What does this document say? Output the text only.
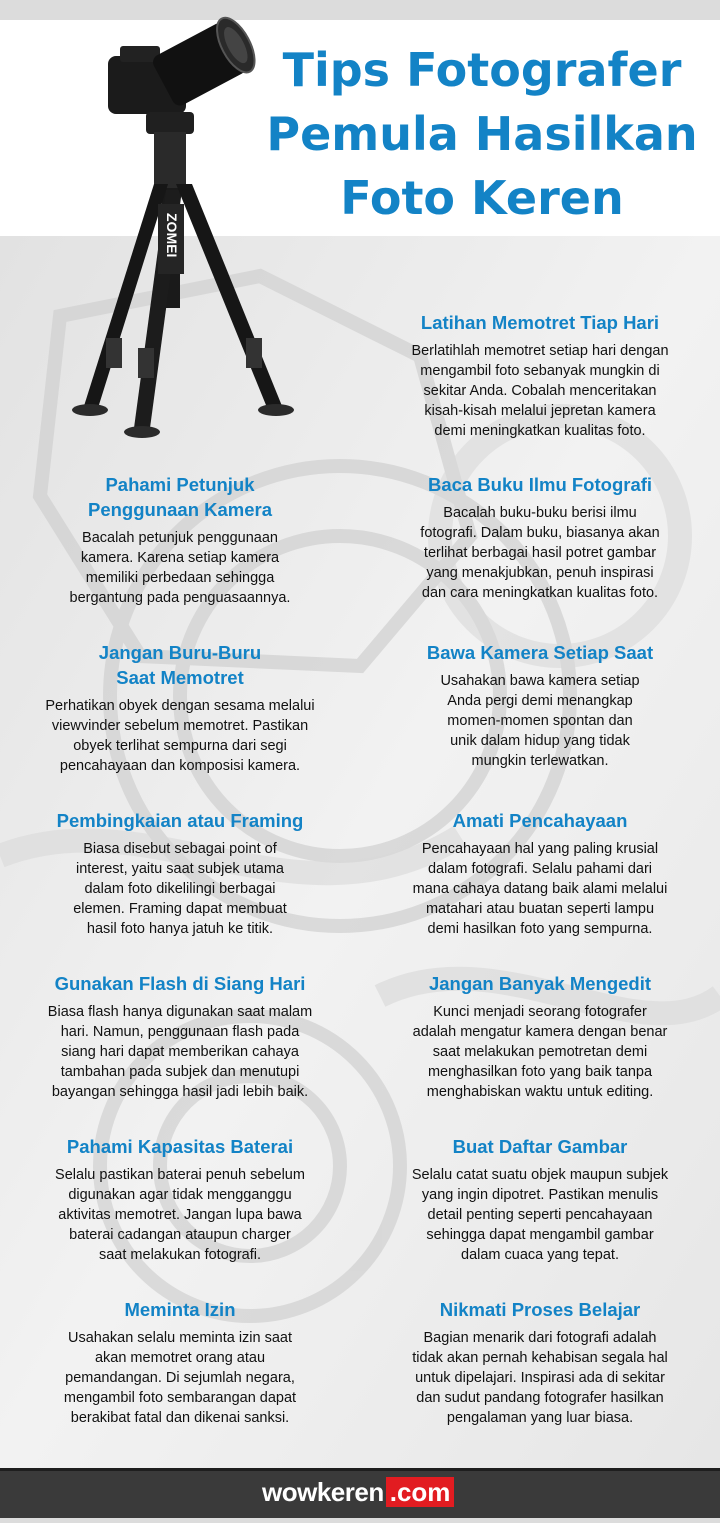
ZOMEI
Tips Fotografer
Pemula Hasilkan
Foto Keren
Latihan Memotret Tiap Hari

Berlatihlah memotret setiap hari dengan
mengambil foto sebanyak mungkin di
sekitar Anda. Cobalah menceritakan
kisah-kisah melalui jepretan kamera
demi meningkatkan kualitas foto.

Pahami Petunjuk
Penggunaan Kamera

Bacalah petunjuk penggunaan
kamera. Karena setiap kamera
memiliki perbedaan sehingga
bergantung pada penguasaannya.

Baca Buku Ilmu Fotografi

Bacalah buku-buku berisi ilmu
fotografi. Dalam buku, biasanya akan
terlihat berbagai hasil potret gambar
yang menakjubkan, penuh inspirasi
dan cara meningkatkan kualitas foto.

Jangan Buru-Buru
Saat Memotret

Perhatikan obyek dengan sesama melalui
viewvinder sebelum memotret. Pastikan
obyek terlihat sempurna dari segi
pencahayaan dan komposisi kamera.

Bawa Kamera Setiap Saat

Usahakan bawa kamera setiap
Anda pergi demi menangkap
momen-momen spontan dan
unik dalam hidup yang tidak
mungkin terlewatkan.

Pembingkaian atau Framing

Biasa disebut sebagai point of
interest, yaitu saat subjek utama
dalam foto dikelilingi berbagai
elemen. Framing dapat membuat
hasil foto hanya jatuh ke titik.

Amati Pencahayaan

Pencahayaan hal yang paling krusial
dalam fotografi. Selalu pahami dari
mana cahaya datang baik alami melalui
matahari atau buatan seperti lampu
demi hasilkan foto yang sempurna.

Gunakan Flash di Siang Hari

Biasa flash hanya digunakan saat malam
hari. Namun, penggunaan flash pada
siang hari dapat memberikan cahaya
tambahan pada subjek dan menutupi
bayangan sehingga hasil jadi lebih baik.

Jangan Banyak Mengedit

Kunci menjadi seorang fotografer
adalah mengatur kamera dengan benar
saat melakukan pemotretan demi
menghasilkan foto yang baik tanpa
menghabiskan waktu untuk editing.

Pahami Kapasitas Baterai

Selalu pastikan baterai penuh sebelum
digunakan agar tidak mengganggu
aktivitas memotret. Jangan lupa bawa
baterai cadangan ataupun charger
saat melakukan fotografi.

Buat Daftar Gambar

Selalu catat suatu objek maupun subjek
yang ingin dipotret. Pastikan menulis
detail penting seperti pencahayaan
sehingga dapat mengambil gambar
dalam cuaca yang tepat.

Meminta Izin

Usahakan selalu meminta izin saat
akan memotret orang atau
pemandangan. Di sejumlah negara,
mengambil foto sembarangan dapat
berakibat fatal dan dikenai sanksi.

Nikmati Proses Belajar

Bagian menarik dari fotografi adalah
tidak akan pernah kehabisan segala hal
untuk dipelajari. Inspirasi ada di sekitar
dan sudut pandang fotografer hasilkan
pengalaman yang luar biasa.

wowkeren .com
